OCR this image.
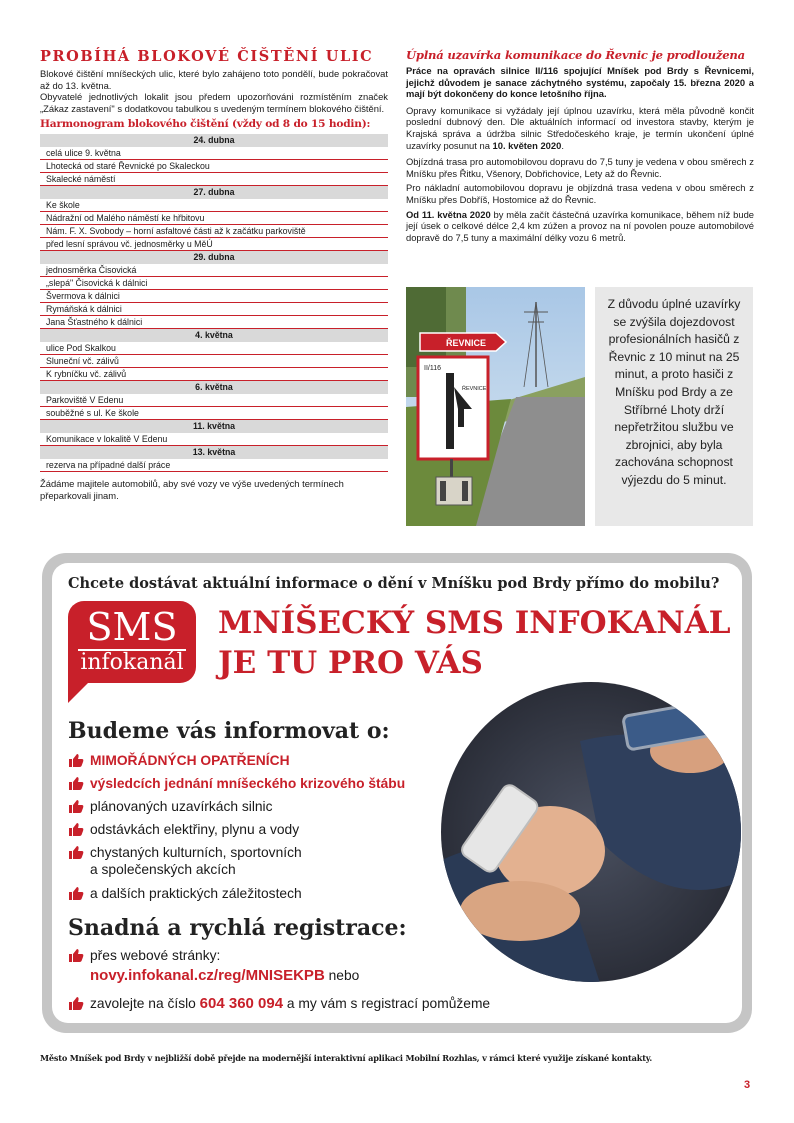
PROBÍHÁ BLOKOVÉ ČIŠTĚNÍ ULIC

Blokové čištění mníšeckých ulic, které bylo zahájeno toto pondělí, bude pokračovat až do 13. května.

Obyvatelé jednotlivých lokalit jsou předem upozorňováni rozmístěním značek „Zákaz zastavení" s dodatkovou tabulkou s uvedeným termínem blokového čištění.

Harmonogram blokového čištění (vždy od 8 do 15 hodin):
24. dubna
celá ulice 9. května
Lhotecká od staré Řevnické po Skaleckou
Skalecké náměstí
27. dubna
Ke škole
Nádražní od Malého náměstí ke hřbitovu
Nám. F. X. Svobody – horní asfaltové části až k začátku parkoviště
před lesní správou vč. jednosměrky u MěÚ
29. dubna
jednosměrka Čisovická
„slepá" Čisovická k dálnici
Švermova k dálnici
Rymáňská k dálnici
Jana Šťastného k dálnici
4. května
ulice Pod Skalkou
Sluneční vč. zálivů
K rybníčku vč. zálivů
6. května
Parkoviště V Edenu
souběžné s ul. Ke škole
11. května
Komunikace v lokalitě V Edenu
13. května
rezerva na případné další práce

Žádáme majitele automobilů, aby své vozy ve výše uvedených termínech přeparkovali jinam.

Úplná uzavírka komunikace do Řevnic je prodloužena

Práce na opravách silnice II/116 spojující Mníšek pod Brdy s Řevnicemi, jejichž důvodem je sanace záchytného systému, započaly 15. března 2020 a mají být dokončeny do konce letošního října.

Opravy komunikace si vyžádaly její úplnou uzavírku, která měla původně končit poslední dubnový den. Dle aktuálních informací od investora stavby, kterým je Krajská správa a údržba silnic Středočeského kraje, je termín ukončení úplné uzavírky posunut na 10. květen 2020.

Objízdná trasa pro automobilovou dopravu do 7,5 tuny je vedena v obou směrech z Mníšku přes Řitku, Všenory, Dobřichovice, Lety až do Řevnic.

Pro nákladní automobilovou dopravu je objízdná trasa vedena v obou směrech z Mníšku přes Dobříš, Hostomice až do Řevnic.

Od 11. května 2020 by měla začít částečná uzavírka komunikace, během níž bude její úsek o celkové délce 2,4 km zúžen a provoz na ní povolen pouze automobilové dopravě do 7,5 tuny a maximální délky vozu 6 metrů.

ŘEVNICE
II/116
ŘEVNICE

Z důvodu úplné uzavírky se zvýšila dojezdovost profesionálních hasičů z Řevnic z 10 minut na 25 minut, a proto hasiči z Mníšku pod Brdy a ze Stříbrné Lhoty drží nepřetržitou službu ve zbrojnici, aby byla zachována schopnost výjezdu do 5 minut.

Chcete dostávat aktuální informace o dění v Mníšku pod Brdy přímo do mobilu?
SMS
infokanál
MNÍŠECKÝ SMS INFOKANÁL
JE TU PRO VÁS
Budeme vás informovat o:
MIMOŘÁDNÝCH OPATŘENÍCH
výsledcích jednání mníšeckého krizového štábu
plánovaných uzavírkách silnic
odstávkách elektřiny, plynu a vody
chystaných kulturních, sportovních
a společenských akcích
a dalších praktických záležitostech
Snadná a rychlá registrace:
přes webové stránky:
novy.infokanal.cz/reg/MNISEKPB nebo
zavolejte na číslo 604 360 094 a my vám s registrací pomůžeme
Město Mníšek pod Brdy v nejbližší době přejde na modernější interaktivní aplikaci Mobilní Rozhlas, v rámci které využije získané kontakty.
3
